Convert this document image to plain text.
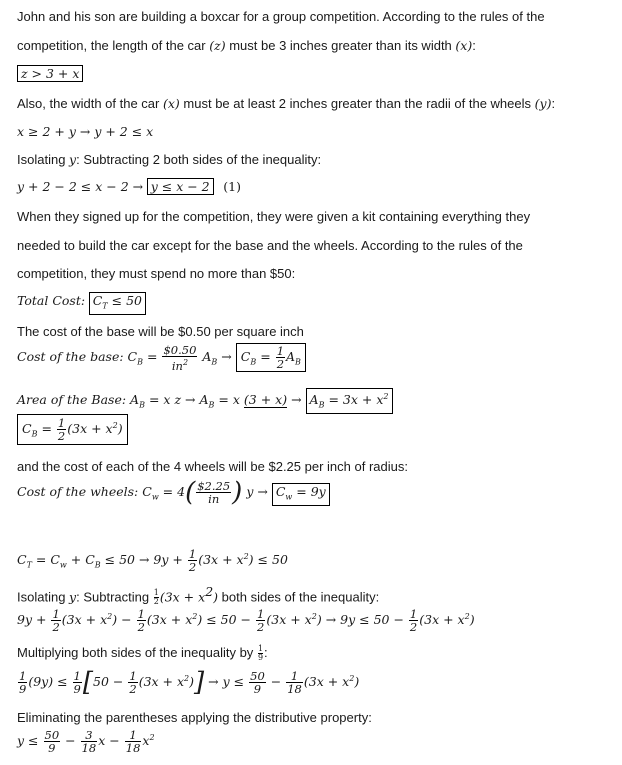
John and his son are building a boxcar for a group competition. According to the rules of the
competition, the length of the car (z) must be 3 inches greater than its width (x):
z > 3 + x
Also, the width of the car (x) must be at least 2 inches greater than the radii of the wheels (y):
x ≥ 2 + y → y + 2 ≤ x
Isolating y: Subtracting 2 both sides of the inequality:
y + 2 − 2 ≤ x − 2 → y ≤ x − 2 (1)
When they signed up for the competition, they were given a kit containing everything they
needed to build the car except for the base and the wheels. According to the rules of the
competition, they must spend no more than $50:
Total Cost: $C_T \le 50$
The cost of the base will be $0.50 per square inch
Cost of the base: $C_B = \frac{\$0.50}{in^2} A_B \to C_B = \frac{1}{2} A_B$
Area of the Base: $A_B = x$ $z \to A_B = x$ $(3 + x) \to A_B = 3x + x^2$
$C_B = \frac{1}{2} (3x + x^2)$
and the cost of each of the 4 wheels will be $2.25 per inch of radius:
Cost of the wheels: $C_w = 4( \frac{\$2.25}{in}$ ) $y \to C_w = 9y$
$C_T = C_w + C_B \le 50 \to 9y + \frac{1}{2} (3x + x^2) \le 50$
Isolating y: Subtracting $\frac{1}{2} (3x + x^2)$ both sides of the inequality:
$9y + \frac{1}{2} (3x + x^2) - \frac{1}{2} (3x + x^2) \le 50 - \frac{1}{2} (3x + x^2) \to 9y \le 50 - \frac{1}{2} (3x + x^2)$
Multiplying both sides of the inequality by $\frac{1}{9}$ :
$\frac{1}{9} (9y) \le \frac{1}{9} [50 - \frac{1}{2} (3x + x^2)] \to y \le \frac{50}{9} - \frac{1}{18} (3x + x^2)$
Eliminating the parentheses applying the distributive property:
$y \le \frac{50}{9} - \frac{3}{18}$ $x - \frac{1}{18} x^2$
